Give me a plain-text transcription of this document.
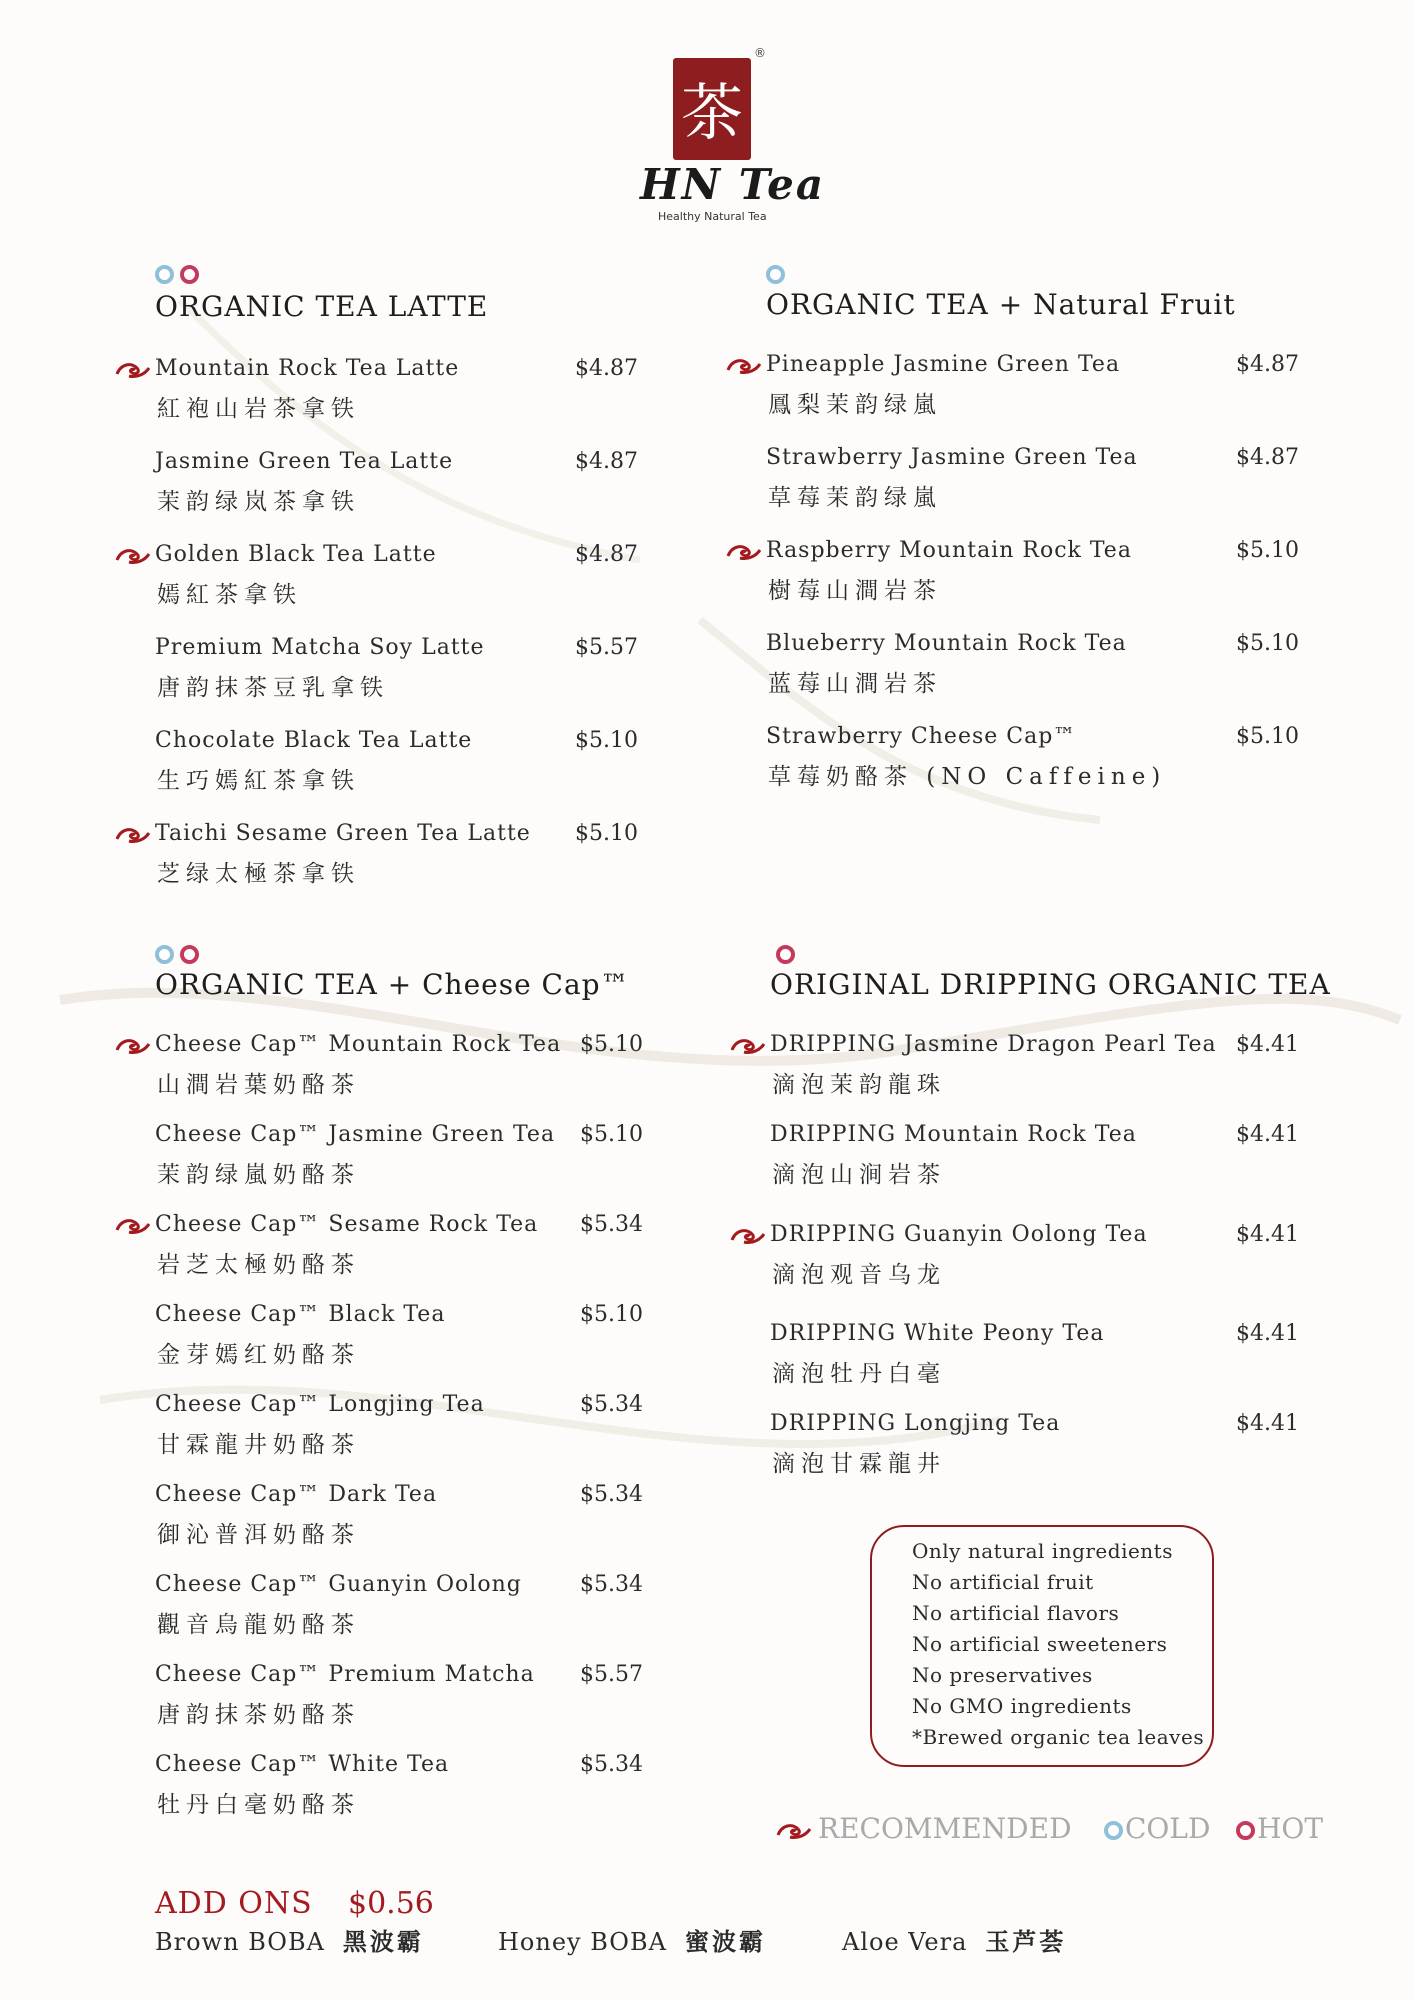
茶
®
HN Tea
Healthy Natural Tea
ORGANIC TEA LATTE
Mountain Rock Tea Latte
紅袍山岩茶拿铁
$4.87
Jasmine Green Tea Latte
茉韵绿岚茶拿铁
$4.87
Golden Black Tea Latte
嫣紅茶拿铁
$4.87
Premium Matcha Soy Latte
唐韵抹茶豆乳拿铁
$5.57
Chocolate Black Tea Latte
生巧嫣紅茶拿铁
$5.10
Taichi Sesame Green Tea Latte
芝绿太極茶拿铁
$5.10
ORGANIC TEA + Natural Fruit
Pineapple Jasmine Green Tea
鳳梨茉韵绿嵐
$4.87
Strawberry Jasmine Green Tea
草莓茉韵绿嵐
$4.87
Raspberry Mountain Rock Tea
樹莓山澗岩茶
$5.10
Blueberry Mountain Rock Tea
蓝莓山澗岩茶
$5.10
Strawberry Cheese Cap™
草莓奶酪茶 (NO Caffeine)
$5.10
ORGANIC TEA + Cheese Cap™
Cheese Cap™ Mountain Rock Tea
山澗岩葉奶酪茶
$5.10
Cheese Cap™ Jasmine Green Tea
茉韵绿嵐奶酪茶
$5.10
Cheese Cap™ Sesame Rock Tea
岩芝太極奶酪茶
$5.34
Cheese Cap™ Black Tea
金芽嫣红奶酪茶
$5.10
Cheese Cap™ Longjing Tea
甘霖龍井奶酪茶
$5.34
Cheese Cap™ Dark Tea
御沁普洱奶酪茶
$5.34
Cheese Cap™ Guanyin Oolong
觀音烏龍奶酪茶
$5.34
Cheese Cap™ Premium Matcha
唐韵抹茶奶酪茶
$5.57
Cheese Cap™ White Tea
牡丹白毫奶酪茶
$5.34
ORIGINAL DRIPPING ORGANIC TEA
DRIPPING Jasmine Dragon Pearl Tea
滴泡茉韵龍珠
$4.41
DRIPPING Mountain Rock Tea
滴泡山涧岩茶
$4.41
DRIPPING Guanyin Oolong Tea
滴泡观音乌龙
$4.41
DRIPPING White Peony Tea
滴泡牡丹白毫
$4.41
DRIPPING Longjing Tea
滴泡甘霖龍井
$4.41
Only natural ingredients
No artificial fruit
No artificial flavors
No artificial sweeteners
No preservatives
No GMO ingredients
*Brewed organic tea leaves
RECOMMENDED	COLD	HOT
ADD ONS $0.56
Brown BOBA 黑波霸	Honey BOBA 蜜波霸	Aloe Vera 玉芦荟
